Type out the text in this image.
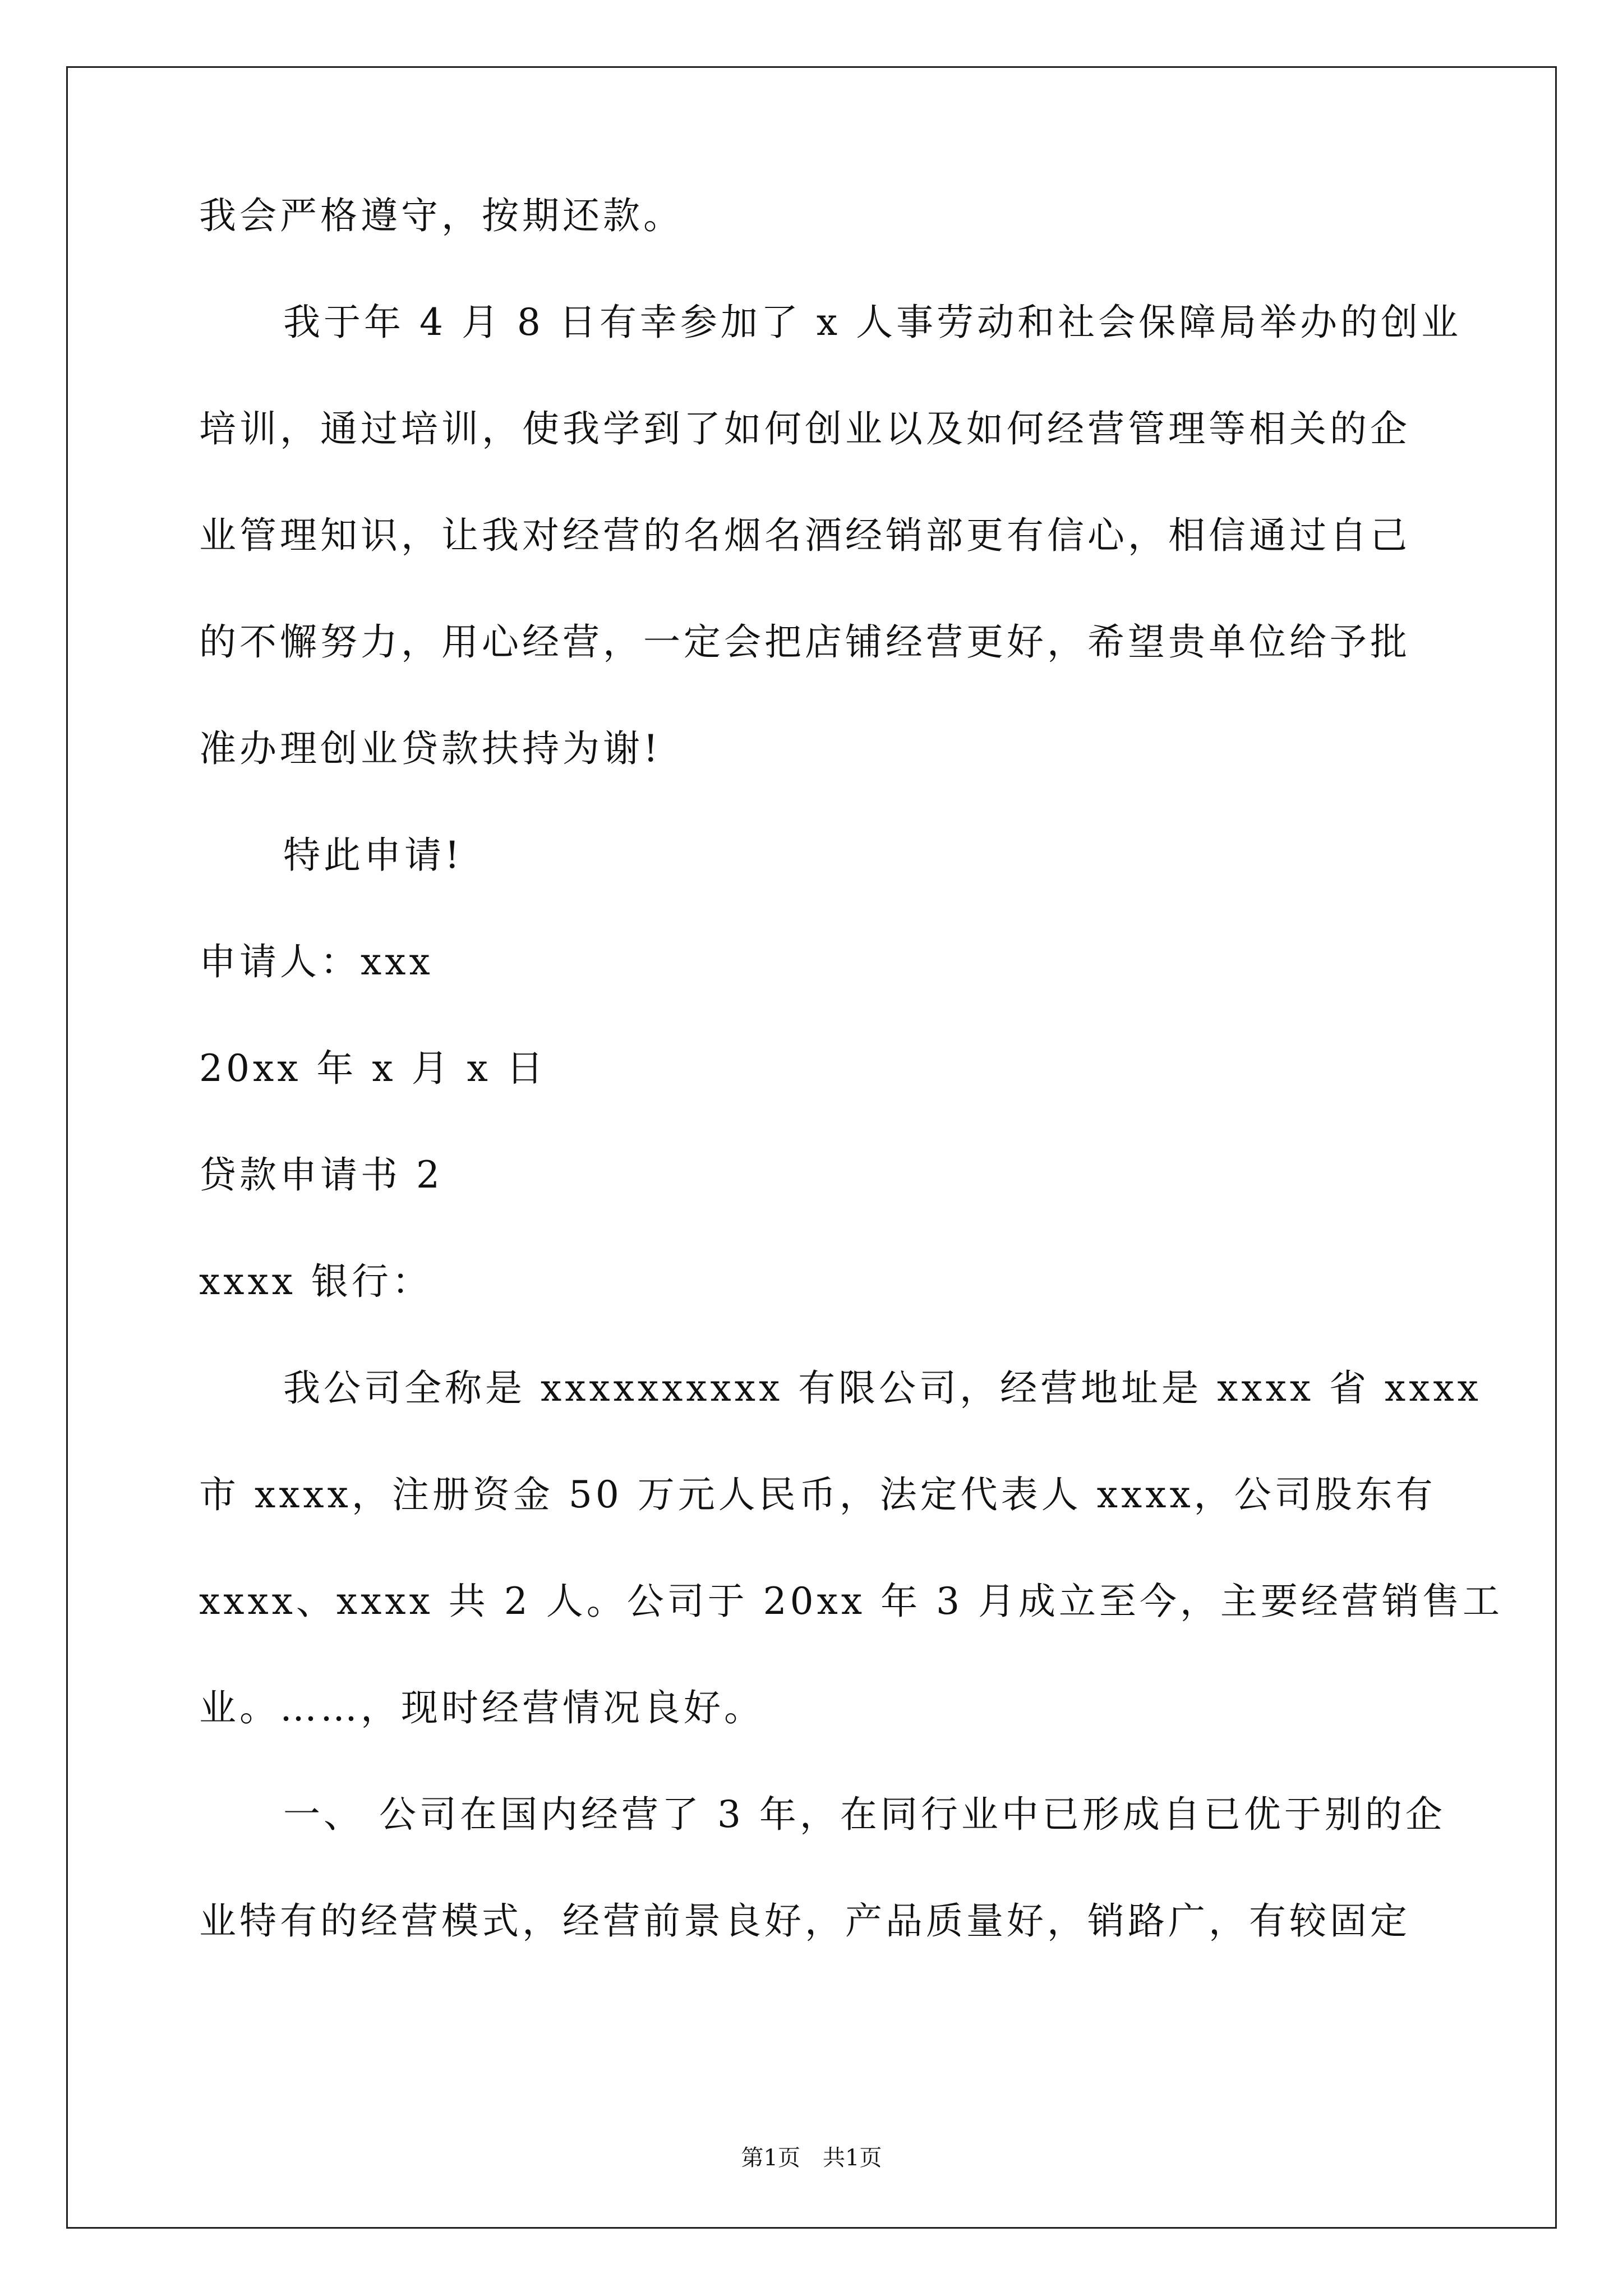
我会严格遵守，按期还款。
我于年 4 月 8 日有幸参加了 x 人事劳动和社会保障局举办的创业
培训，通过培训，使我学到了如何创业以及如何经营管理等相关的企
业管理知识，让我对经营的名烟名酒经销部更有信心，相信通过自己
的不懈努力，用心经营，一定会把店铺经营更好，希望贵单位给予批
准办理创业贷款扶持为谢!
特此申请!
申请人：xxx
20xx 年 x 月 x 日
贷款申请书 2
xxxx 银行：
我公司全称是 xxxxxxxxxx 有限公司，经营地址是 xxxx 省 xxxx
市 xxxx，注册资金 50 万元人民币，法定代表人 xxxx，公司股东有
xxxx、xxxx 共 2 人。公司于 20xx 年 3 月成立至今，主要经营销售工
业。……，现时经营情况良好。
一、 公司在国内经营了 3 年，在同行业中已形成自已优于别的企
业特有的经营模式，经营前景良好，产品质量好，销路广，有较固定
第1页　共1页
